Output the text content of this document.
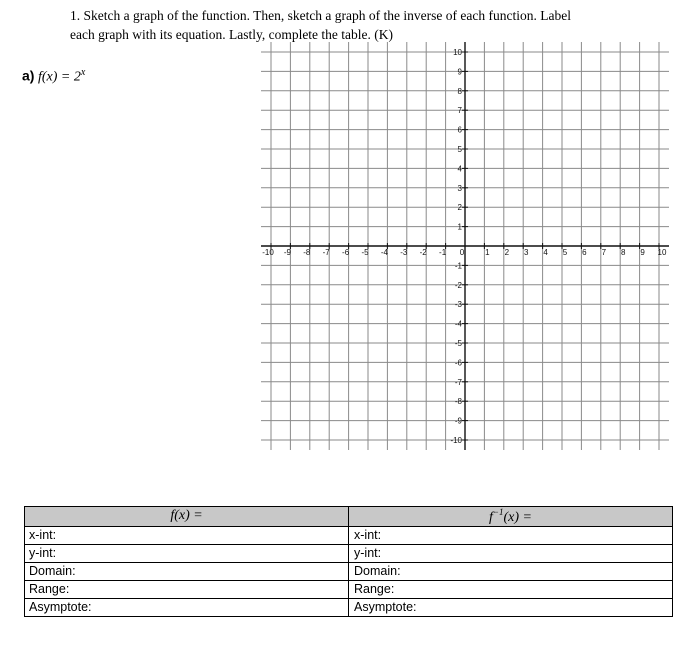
1. Sketch a graph of the function. Then, sketch a graph of the inverse of each function. Label
each graph with its equation. Lastly, complete the table. (K)
a) $f(x) = 2^x$
-10 -9 -8 -7 -6 -5 -4 -3 -2 -1 0	1 2 3 4 5 6 7 8 9 10
10
9
8
7
6
5
4
3
2
1
-1
-2
-3
-4
-5
-6
-7
-8
-9
-10
f(x) =	$f^{-1}(x)$ =
x-int:	x-int:
y-int:	y-int:
Domain:	Domain:
Range:	Range:
Asymptote:	Asymptote:
